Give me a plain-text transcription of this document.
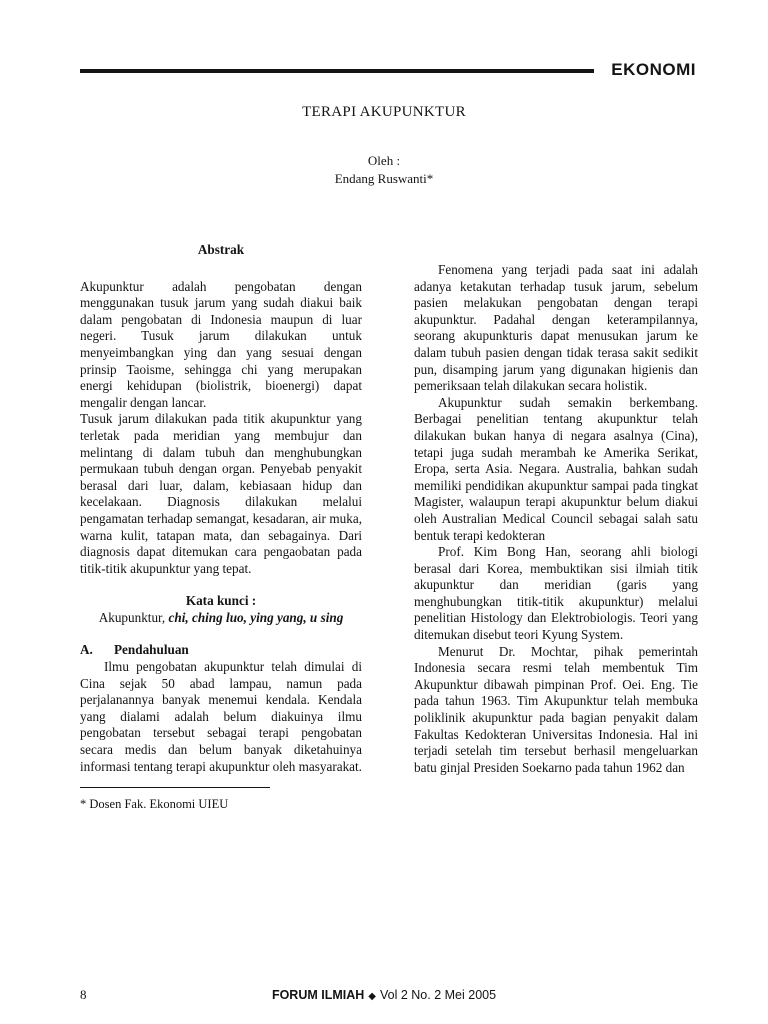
EKONOMI
TERAPI AKUPUNKTUR
Oleh :
Endang Ruswanti*

Abstrak

Akupunktur adalah pengobatan dengan menggunakan tusuk jarum yang sudah diakui baik dalam pengobatan di Indonesia maupun di luar negeri. Tusuk jarum dilakukan untuk menyeimbangkan ying dan yang sesuai dengan prinsip Taoisme, sehingga chi yang merupakan energi kehidupan (biolistrik, bioenergi) dapat mengalir dengan lancar.

Tusuk jarum dilakukan pada titik akupunktur yang terletak pada meridian yang membujur dan melintang di dalam tubuh dan menghubungkan permukaan tubuh dengan organ. Penyebab penyakit berasal dari luar, dalam, kebiasaan hidup dan kecelakaan. Diagnosis dilakukan melalui pengamatan terhadap semangat, kesadaran, air muka, warna kulit, tatapan mata, dan sebagainya. Dari diagnosis dapat ditemukan cara pengaobatan pada titik-titik akupunktur yang tepat.

Kata kunci :
Akupunktur, chi, ching luo, ying yang, u sing
A.	Pendahuluan

Ilmu pengobatan akupunktur telah dimulai di Cina sejak 50 abad lampau, namun pada perjalanannya banyak menemui kendala. Kendala yang dialami adalah belum diakuinya ilmu pengobatan tersebut sebagai terapi pengobatan secara medis dan belum banyak diketahuinya informasi tentang terapi akupunktur oleh masyarakat.

* Dosen Fak. Ekonomi UIEU

Fenomena yang terjadi pada saat ini adalah adanya ketakutan terhadap tusuk jarum, sebelum pasien melakukan pengobatan dengan terapi akupunktur. Padahal dengan keterampilannya, seorang akupunkturis dapat menusukan jarum ke dalam tubuh pasien dengan tidak terasa sakit sedikit pun, disamping jarum yang digunakan higienis dan pemeriksaan telah dilakukan secara holistik.

Akupunktur sudah semakin berkembang. Berbagai penelitian tentang akupunktur telah dilakukan bukan hanya di negara asalnya (Cina), tetapi juga sudah merambah ke Amerika Serikat, Eropa, serta Asia. Negara. Australia, bahkan sudah memiliki pendidikan akupunktur sampai pada tingkat Magister, walaupun terapi akupunktur belum diakui oleh Australian Medical Council sebagai salah satu bentuk terapi kedokteran

Prof. Kim Bong Han, seorang ahli biologi berasal dari Korea, membuktikan sisi ilmiah titik akupunktur dan meridian (garis yang menghubungkan titik-titik akupunktur) melalui penelitian Histology dan Elektrobiologis. Teori yang ditemukan disebut teori Kyung System.

Menurut Dr. Mochtar, pihak pemerintah Indonesia secara resmi telah membentuk Tim Akupunktur dibawah pimpinan Prof. Oei. Eng. Tie pada tahun 1963. Tim Akupunktur telah membuka poliklinik akupunktur pada bagian penyakit dalam Fakultas Kedokteran Universitas Indonesia. Hal ini terjadi setelah tim tersebut berhasil mengeluarkan batu ginjal Presiden Soekarno pada tahun 1962 dan

8	FORUM ILMIAH ◆ Vol 2 No. 2 Mei 2005
